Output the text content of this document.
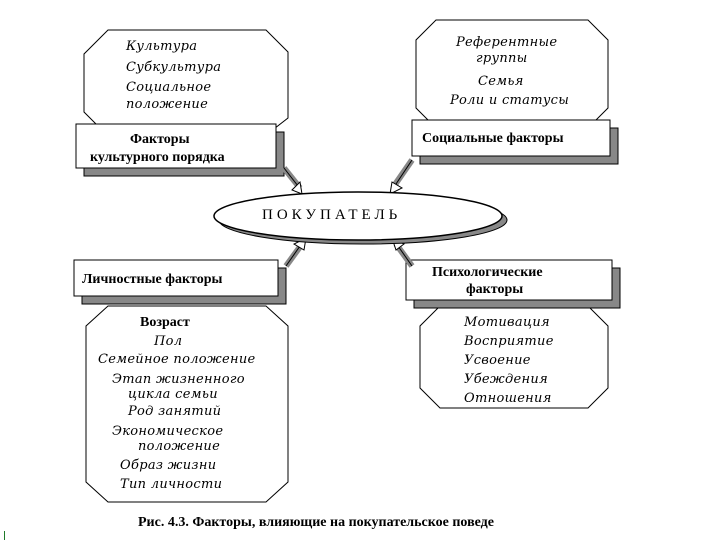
ПОКУПАТЕЛЬ
Культура
Субкультура
Социальное
положение
Факторы
культурного порядка
Референтные
группы
Семья
Роли и статусы
Социальные факторы
Личностные факторы
Возраст
Пол
Семейное положение
Этап жизненного
цикла семьи
Род занятий
Экономическое
положение
Образ жизни
Тип личности
Психологические
факторы
Мотивация
Восприятие
Усвоение
Убеждения
Отношения
Рис. 4.3. Факторы, влияющие на покупательское поведе
